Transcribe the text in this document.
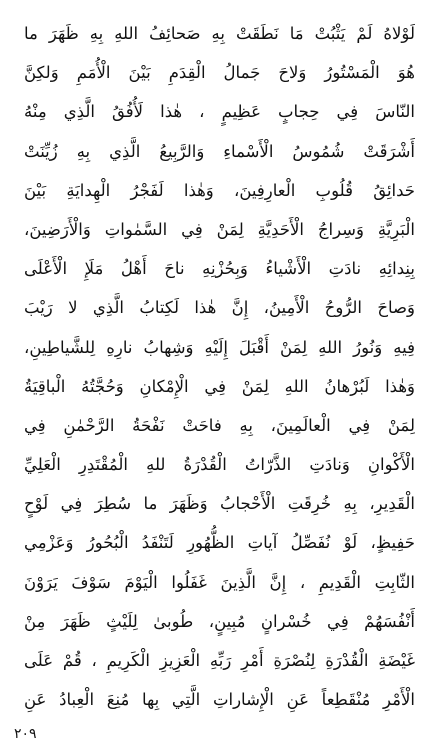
لَوْلاهُ لَمْ يَثْبُتْ مَا نَطَقَتْ بِهِ صَحائِفُ اللهِ بِهِ ظَهَرَ ما
هُوَ الْمَسْتُورُ وَلاحَ جَمالُ الْقِدَمِ بَيْنَ الْأُمَمِ وَلكِنَّ
النّاسَ فِي حِجابٍ عَظِيمٍ ، هٰذا لَأُفُقُ الَّذِي مِنْهُ
أَشْرَقَتْ شُمُوسُ الْأَسْماءِ وَالرَّبِيعُ الَّذِي بِهِ زُيِّنَتْ
حَدائِقُ قُلُوبِ الْعارِفِينَ، وَهٰذا لَفَجْرُ الْهِدايَةِ بَيْنَ
الْبَرِيَّةِ وَسِراجُ الْأَحَدِيَّةِ لِمَنْ فِي السَّمٰواتِ وَالْأَرَضِينَ،
بِنِدائِهِ نادَتِ الْأَشْياءُ وَبِحُزْنِهِ ناحَ أَهْلُ مَلَإِ الْأَعْلَى
وَصاحَ الرُّوحُ الْأَمِينُ، إِنَّ هٰذا لَكِتابُ الَّذِي لا رَيْبَ
فِيهِ وَنُورُ اللهِ لِمَنْ أَقْبَلَ إِلَيْهِ وَشِهابُ نارِهِ لِلشَّياطِينِ،
وَهٰذا لَبُرْهانُ اللهِ لِمَنْ فِي الْإِمْكانِ وَحُجَّتُهُ الْباقِيَةُ
لِمَنْ فِي الْعالَمِينَ، بِهِ فاحَتْ نَفْحَةُ الرَّحْمٰنِ فِي
الْأَكْوانِ وَنادَتِ الذَّرّاتُ الْقُدْرَةُ للهِ الْمُقْتَدِرِ الْعَلِيِّ
الْقَدِيرِ، بِهِ خُرِقَتِ الْأَحْجابُ وَظَهَرَ ما سُطِرَ فِي لَوْحٍ
حَفِيظٍ، لَوْ نُفَصِّلُ آياتِ الظُّهُورِ لَتَنْفَدُ الْبُحُورُ وَعَزْمِي
الثّابِتِ الْقَدِيمِ ، إِنَّ الَّذِينَ غَفَلُوا الْيَوْمَ سَوْفَ يَرَوْنَ
أَنْفُسَهُمْ فِي خُسْرانٍ مُبِينٍ، طُوبىٰ لِلَيْثٍ ظَهَرَ مِنْ
غَيْضَةِ الْقُدْرَةِ لِنُصْرَةِ أَمْرِ رَبِّهِ الْعَزِيزِ الْكَرِيمِ ، قُمْ عَلَى
الْأَمْرِ مُنْقَطِعاً عَنِ الْإِشاراتِ الَّتِي بِها مُنِعَ الْعِبادُ عَنِ
٢٠٩
